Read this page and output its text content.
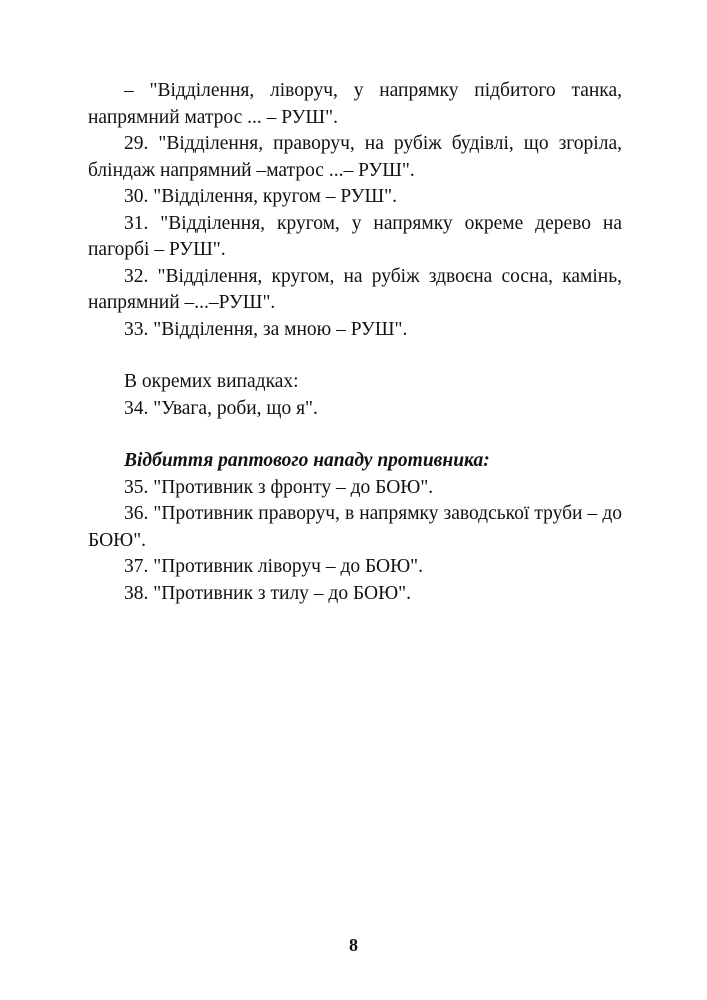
– "Відділення, ліворуч, у напрямку підбитого танка, напрямний матрос ... – РУШ".

29. "Відділення, праворуч, на рубіж будівлі, що згоріла, бліндаж напрямний –матрос ...– РУШ".

30. "Відділення, кругом – РУШ".

31. "Відділення, кругом, у напрямку окреме дерево на пагорбі – РУШ".

32. "Відділення, кругом, на рубіж здвоєна сосна, камінь, напрямний –...–РУШ".

33. "Відділення, за мною – РУШ".

В окремих випадках:

34. "Увага, роби, що я".

Відбиття раптового нападу противника:

35. "Противник з фронту – до БОЮ".

36. "Противник праворуч, в напрямку заводської труби – до БОЮ".

37. "Противник ліворуч – до БОЮ".

38. "Противник з тилу – до БОЮ".

8
